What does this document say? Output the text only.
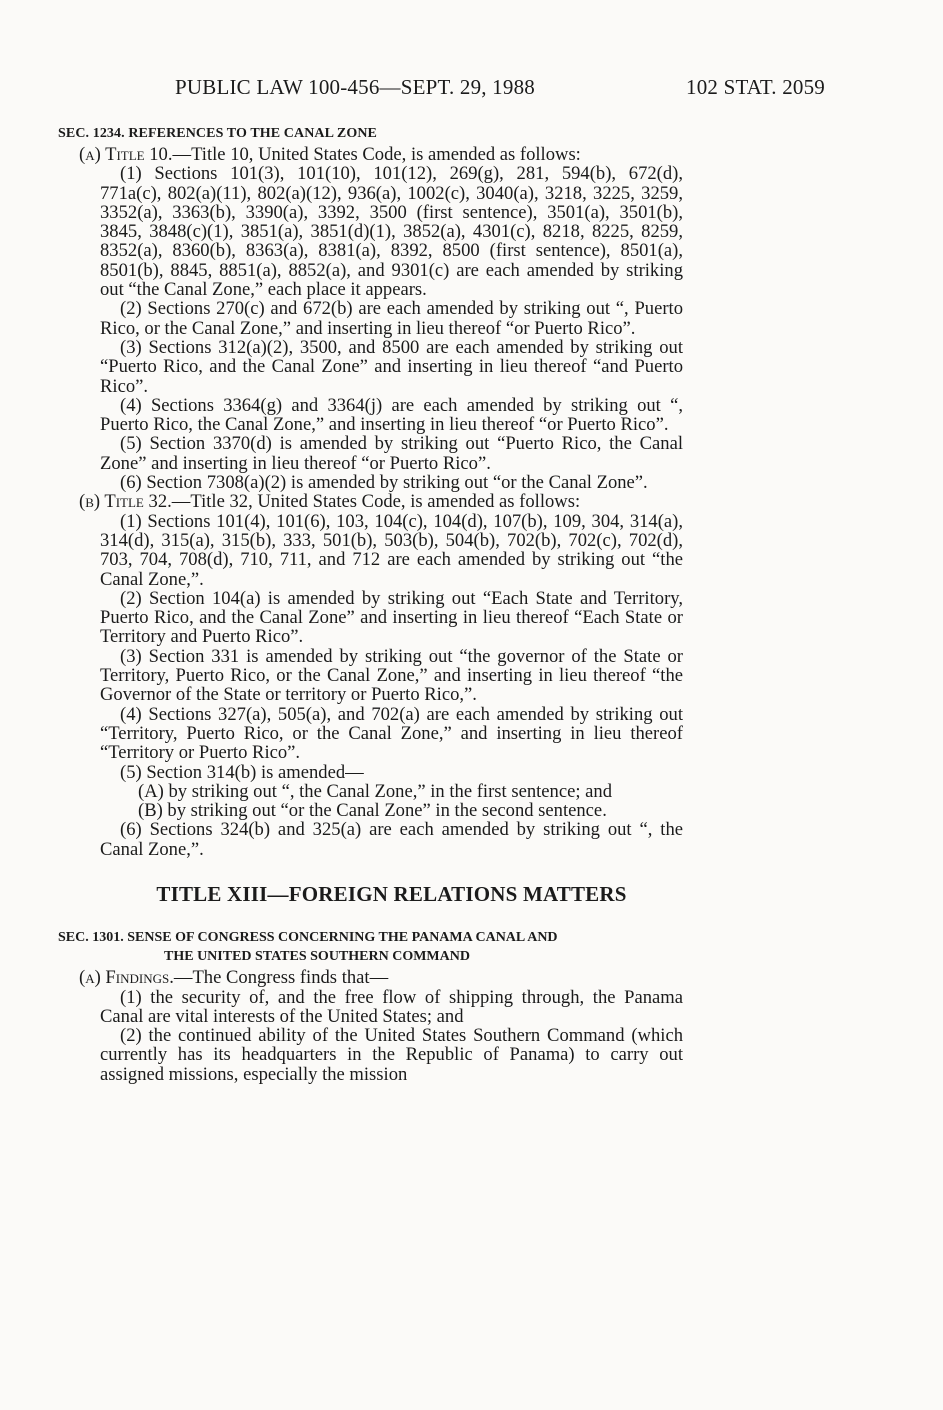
PUBLIC LAW 100-456—SEPT. 29, 1988	102 STAT. 2059
SEC. 1234. REFERENCES TO THE CANAL ZONE

(a) Title 10.—Title 10, United States Code, is amended as follows:

(1) Sections 101(3), 101(10), 101(12), 269(g), 281, 594(b), 672(d), 771a(c), 802(a)(11), 802(a)(12), 936(a), 1002(c), 3040(a), 3218, 3225, 3259, 3352(a), 3363(b), 3390(a), 3392, 3500 (first sentence), 3501(a), 3501(b), 3845, 3848(c)(1), 3851(a), 3851(d)(1), 3852(a), 4301(c), 8218, 8225, 8259, 8352(a), 8360(b), 8363(a), 8381(a), 8392, 8500 (first sentence), 8501(a), 8501(b), 8845, 8851(a), 8852(a), and 9301(c) are each amended by striking out “the Canal Zone,” each place it appears.

(2) Sections 270(c) and 672(b) are each amended by striking out “, Puerto Rico, or the Canal Zone,” and inserting in lieu thereof “or Puerto Rico”.

(3) Sections 312(a)(2), 3500, and 8500 are each amended by striking out “Puerto Rico, and the Canal Zone” and inserting in lieu thereof “and Puerto Rico”.

(4) Sections 3364(g) and 3364(j) are each amended by striking out “, Puerto Rico, the Canal Zone,” and inserting in lieu thereof “or Puerto Rico”.

(5) Section 3370(d) is amended by striking out “Puerto Rico, the Canal Zone” and inserting in lieu thereof “or Puerto Rico”.

(6) Section 7308(a)(2) is amended by striking out “or the Canal Zone”.

(b) Title 32.—Title 32, United States Code, is amended as follows:

(1) Sections 101(4), 101(6), 103, 104(c), 104(d), 107(b), 109, 304, 314(a), 314(d), 315(a), 315(b), 333, 501(b), 503(b), 504(b), 702(b), 702(c), 702(d), 703, 704, 708(d), 710, 711, and 712 are each amended by striking out “the Canal Zone,”.

(2) Section 104(a) is amended by striking out “Each State and Territory, Puerto Rico, and the Canal Zone” and inserting in lieu thereof “Each State or Territory and Puerto Rico”.

(3) Section 331 is amended by striking out “the governor of the State or Territory, Puerto Rico, or the Canal Zone,” and inserting in lieu thereof “the Governor of the State or territory or Puerto Rico,”.

(4) Sections 327(a), 505(a), and 702(a) are each amended by striking out “Territory, Puerto Rico, or the Canal Zone,” and inserting in lieu thereof “Territory or Puerto Rico”.

(5) Section 314(b) is amended—

(A) by striking out “, the Canal Zone,” in the first sentence; and

(B) by striking out “or the Canal Zone” in the second sentence.

(6) Sections 324(b) and 325(a) are each amended by striking out “, the Canal Zone,”.

TITLE XIII—FOREIGN RELATIONS MATTERS
SEC. 1301. SENSE OF CONGRESS CONCERNING THE PANAMA CANAL AND
THE UNITED STATES SOUTHERN COMMAND

(a) Findings.—The Congress finds that—

(1) the security of, and the free flow of shipping through, the Panama Canal are vital interests of the United States; and

(2) the continued ability of the United States Southern Command (which currently has its headquarters in the Republic of Panama) to carry out assigned missions, especially the mission
